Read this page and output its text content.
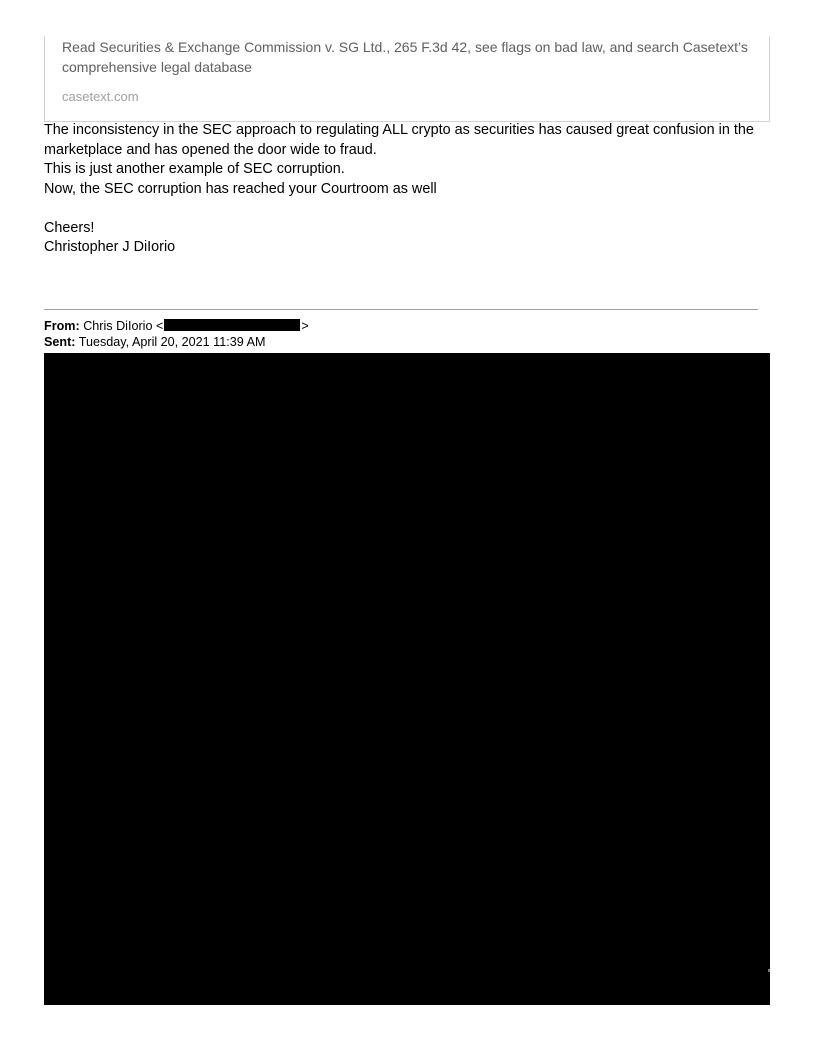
Read Securities & Exchange Commission v. SG Ltd., 265 F.3d 42, see flags on bad law, and search Casetext’s comprehensive legal database
casetext.com

The inconsistency in the SEC approach to regulating ALL crypto as securities has caused great confusion in the marketplace and has opened the door wide to fraud.

This is just another example of SEC corruption.

Now, the SEC corruption has reached your Courtroom as well

Cheers!

Christopher J DiIorio

From: Chris DiIorio <	>

Sent: Tuesday, April 20, 2021 11:39 AM
